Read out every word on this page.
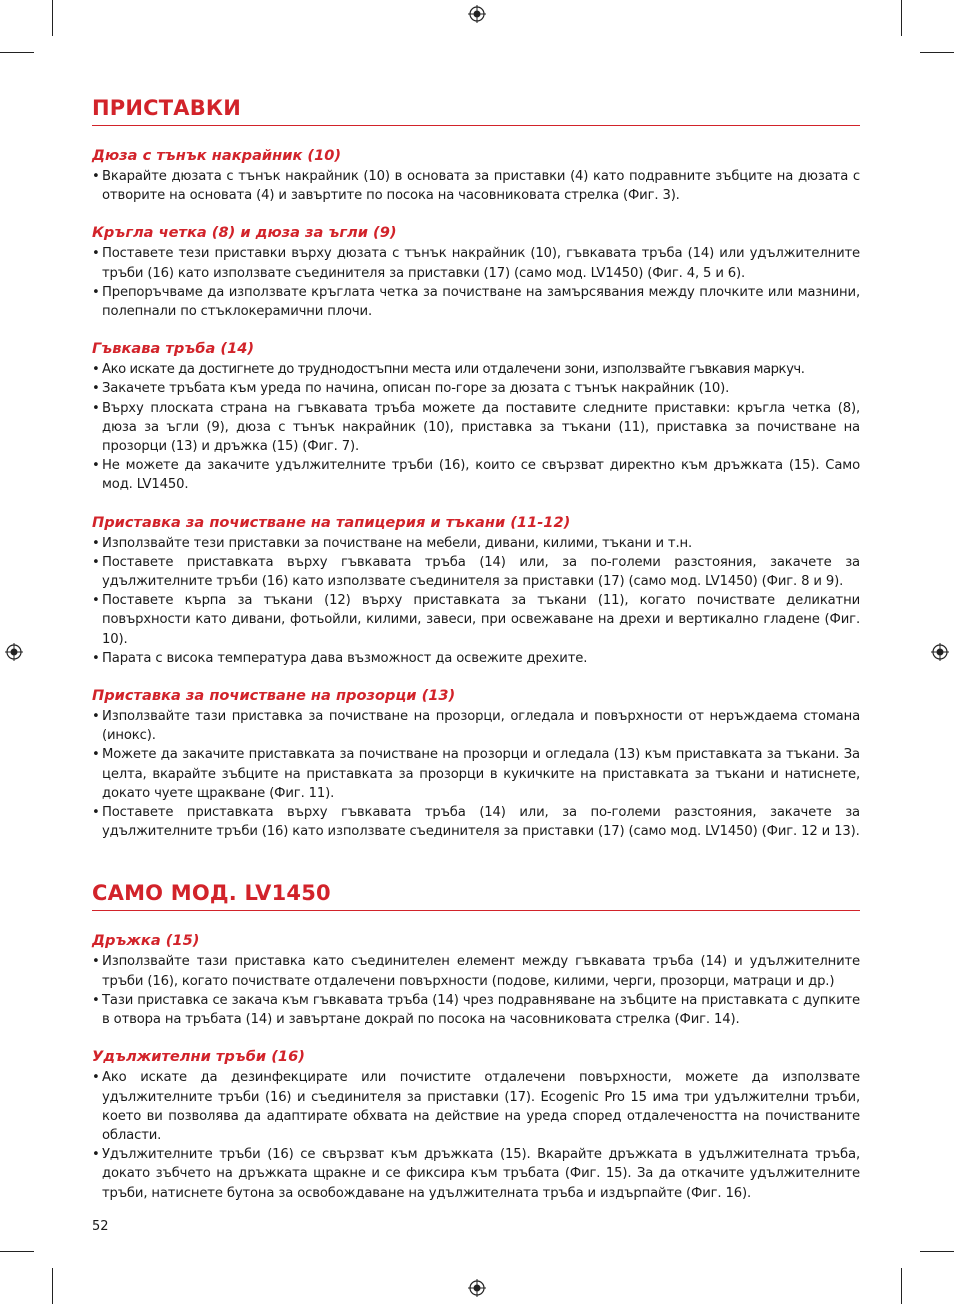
ПРИСТАВКИ
Дюза с тънък накрайник (10)
• Вкарайте дюзата с тънък накрайник (10) в основата за приставки (4) като подравните зъбците на дюзата с отворите на основата (4) и завъртите по посока на часовниковата стрелка (Фиг. 3).
Кръгла четка (8) и дюза за ъгли (9)
• Поставете тези приставки върху дюзата с тънък накрайник (10), гъвкавата тръба (14) или удължителните тръби (16) като използвате съединителя за приставки (17) (само мод. LV1450) (Фиг. 4, 5 и 6).
• Препоръчваме да използвате кръглата четка за почистване на замърсявания между плочките или мазнини, полепнали по стъклокерамични плочи.
Гъвкава тръба (14)
• Ако искате да достигнете до труднодостъпни места или отдалечени зони, използвайте гъвкавия маркуч.
• Закачете тръбата към уреда по начина, описан по-горе за дюзата с тънък накрайник (10).
• Върху плоската страна на гъвкавата тръба можете да поставите следните приставки: кръгла четка (8), дюза за ъгли (9), дюза с тънък накрайник (10), приставка за тъкани (11), приставка за почистване на прозорци (13) и дръжка (15) (Фиг. 7).
• Не можете да закачите удължителните тръби (16), които се свързват директно към дръжката (15). Само мод. LV1450.
Приставка за почистване на тапицерия и тъкани (11-12)
• Използвайте тези приставки за почистване на мебели, дивани, килими, тъкани и т.н.
• Поставете приставката върху гъвкавата тръба (14) или, за по-големи разстояния, закачете за удължителните тръби (16) като използвате съединителя за приставки (17) (само мод. LV1450) (Фиг. 8 и 9).
• Поставете кърпа за тъкани (12) върху приставката за тъкани (11), когато почиствате деликатни повърхности като дивани, фотьойли, килими, завеси, при освежаване на дрехи и вертикално гладене (Фиг. 10).
• Парата с висока температура дава възможност да освежите дрехите.
Приставка за почистване на прозорци (13)
• Използвайте тази приставка за почистване на прозорци, огледала и повърхности от неръждаема стомана (инокс).
• Можете да закачите приставката за почистване на прозорци и огледала (13) към приставката за тъкани. За целта, вкарайте зъбците на приставката за прозорци в кукичките на приставката за тъкани и натиснете, докато чуете щракване (Фиг. 11).
• Поставете приставката върху гъвкавата тръба (14) или, за по-големи разстояния, закачете за удължителните тръби (16) като използвате съединителя за приставки (17) (само мод. LV1450) (Фиг. 12 и 13).
САМО МОД. LV1450
Дръжка (15)
• Използвайте тази приставка като съединителен елемент между гъвкавата тръба (14) и удължителните тръби (16), когато почиствате отдалечени повърхности (подове, килими, черги, прозорци, матраци и др.)
• Тази приставка се закача към гъвкавата тръба (14) чрез подравняване на зъбците на приставката с дупките в отвора на тръбата (14) и завъртане докрай по посока на часовниковата стрелка (Фиг. 14).
Удължителни тръби (16)
• Ако искате да дезинфекцирате или почистите отдалечени повърхности, можете да използвате удължителните тръби (16) и съединителя за приставки (17). Ecogenic Pro 15 има три удължителни тръби, което ви позволява да адаптирате обхвата на действие на уреда според отдалечеността на почистваните области.
• Удължителните тръби (16) се свързват към дръжката (15). Вкарайте дръжката в удължителната тръба, докато зъбчето на дръжката щракне и се фиксира към тръбата (Фиг. 15). За да откачите удължителните тръби, натиснете бутона за освобождаване на удължителната тръба и издърпайте (Фиг. 16).
52
